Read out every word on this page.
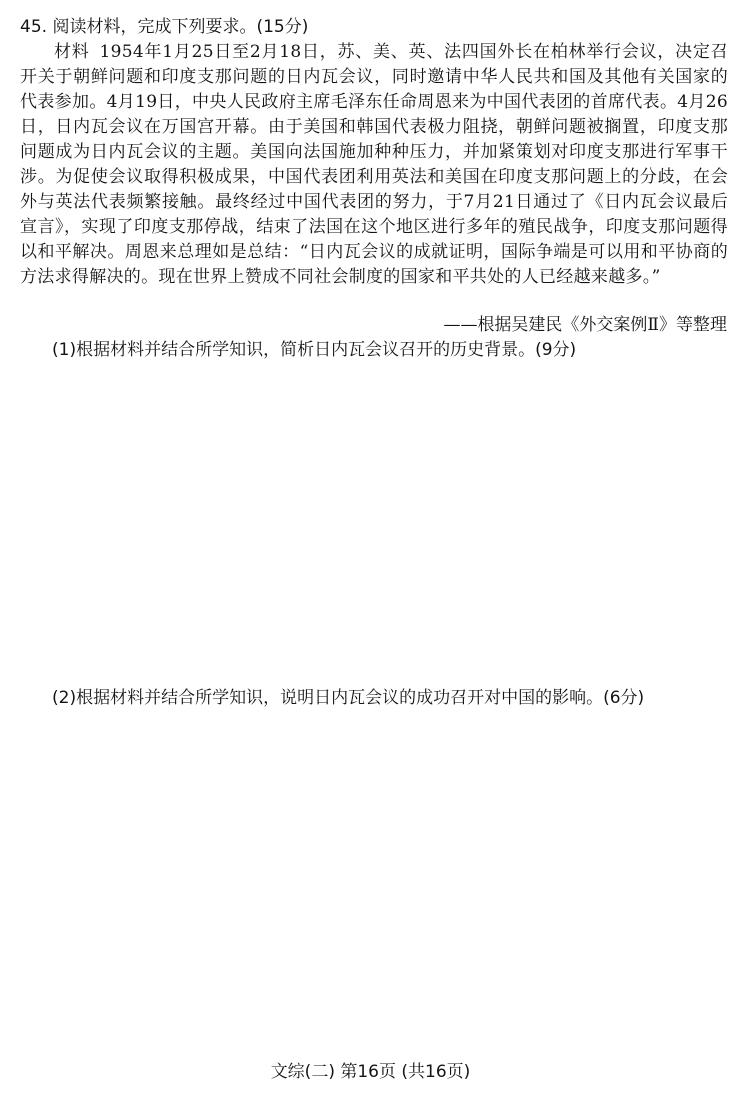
45. 阅读材料，完成下列要求。(15分)
材料 1954年1月25日至2月18日，苏、美、英、法四国外长在柏林举行会议，决定召开关于朝鲜问题和印度支那问题的日内瓦会议，同时邀请中华人民共和国及其他有关国家的代表参加。4月19日，中央人民政府主席毛泽东任命周恩来为中国代表团的首席代表。4月26日，日内瓦会议在万国宫开幕。由于美国和韩国代表极力阻挠，朝鲜问题被搁置，印度支那问题成为日内瓦会议的主题。美国向法国施加种种压力，并加紧策划对印度支那进行军事干涉。为促使会议取得积极成果，中国代表团利用英法和美国在印度支那问题上的分歧，在会外与英法代表频繁接触。最终经过中国代表团的努力，于7月21日通过了《日内瓦会议最后宣言》，实现了印度支那停战，结束了法国在这个地区进行多年的殖民战争，印度支那问题得以和平解决。周恩来总理如是总结：“日内瓦会议的成就证明，国际争端是可以用和平协商的方法求得解决的。现在世界上赞成不同社会制度的国家和平共处的人已经越来越多。”
——根据吴建民《外交案例Ⅱ》等整理
(1)根据材料并结合所学知识，简析日内瓦会议召开的历史背景。(9分)
(2)根据材料并结合所学知识，说明日内瓦会议的成功召开对中国的影响。(6分)
文综(二) 第16页 (共16页)
